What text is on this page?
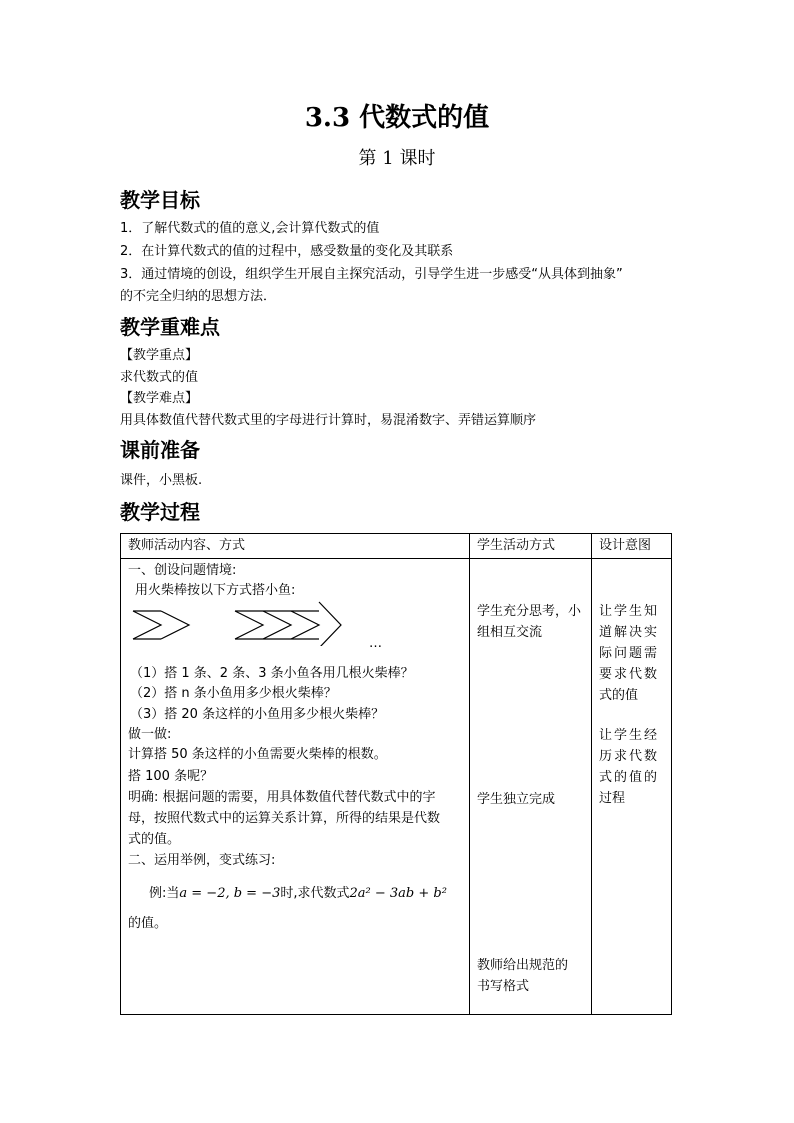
3.3 代数式的值
第 1 课时
教学目标
1．了解代数式的值的意义,会计算代数式的值
2．在计算代数式的值的过程中，感受数量的变化及其联系
3．通过情境的创设，组织学生开展自主探究活动，引导学生进一步感受“从具体到抽象”
的不完全归纳的思想方法．
教学重难点
【教学重点】
求代数式的值
【教学难点】
用具体数值代替代数式里的字母进行计算时，易混淆数字、弄错运算顺序
课前准备
课件，小黑板.
教学过程
教师活动内容、方式	学生活动方式	设计意图
一、创设问题情境:
用火柴棒按以下方式搭小鱼:
…
（1）搭 1 条、2 条、3 条小鱼各用几根火柴棒？
（2）搭 n 条小鱼用多少根火柴棒？
（3）搭 20 条这样的小鱼用多少根火柴棒？
做一做:
计算搭 50 条这样的小鱼需要火柴棒的根数。
搭 100 条呢？
明确: 根据问题的需要，用具体数值代替代数式中的字
母，按照代数式中的运算关系计算，所得的结果是代数
式的值。
二、运用举例，变式练习:
例:当a = −2, b = −3时,求代数式2a² − 3ab + b²
的值。
学生充分思考，小
组相互交流
学生独立完成
教师给出规范的
书写格式
让学生知
道解决实
际问题需
要求代数
式的值
让学生经
历求代数
式的值的
过程
